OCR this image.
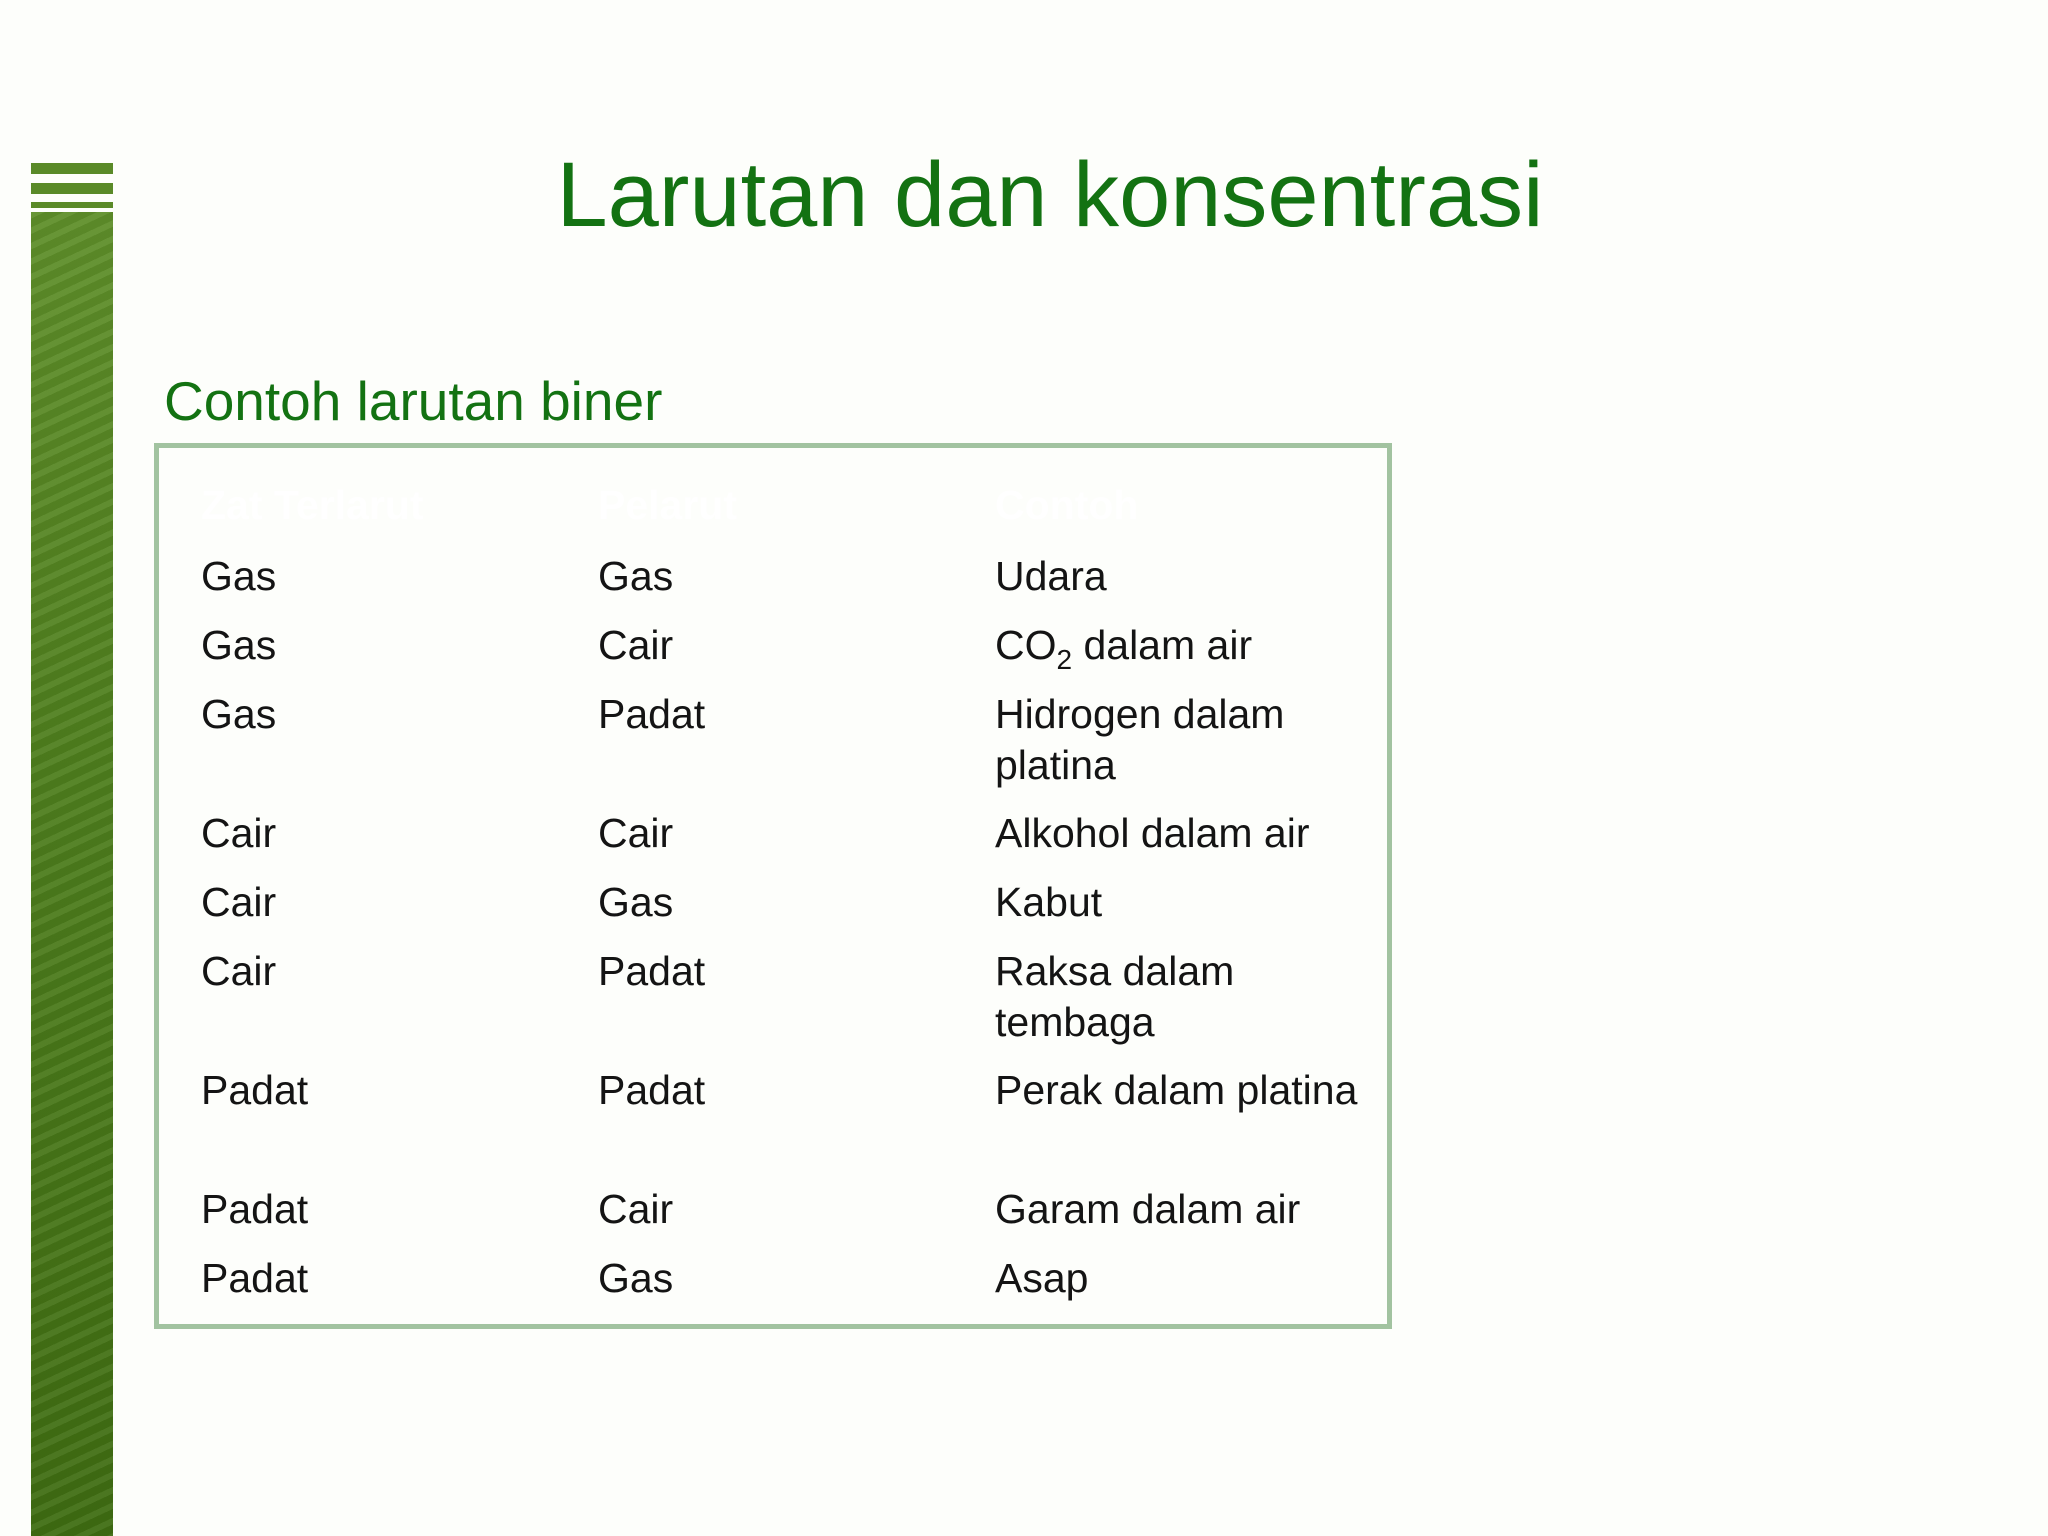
Larutan dan konsentrasi
Contoh larutan biner
Zat Terlarut	Pelarut	Contoh
Gas	Gas	Udara
Gas	Cair	$CO_2$ dalam air
Gas	Padat	Hidrogen dalam platina
Cair	Cair	Alkohol dalam air
Cair	Gas	Kabut
Cair	Padat	Raksa dalam tembaga
Padat	Padat	Perak dalam platina
Padat	Cair	Garam dalam air
Padat	Gas	Asap
